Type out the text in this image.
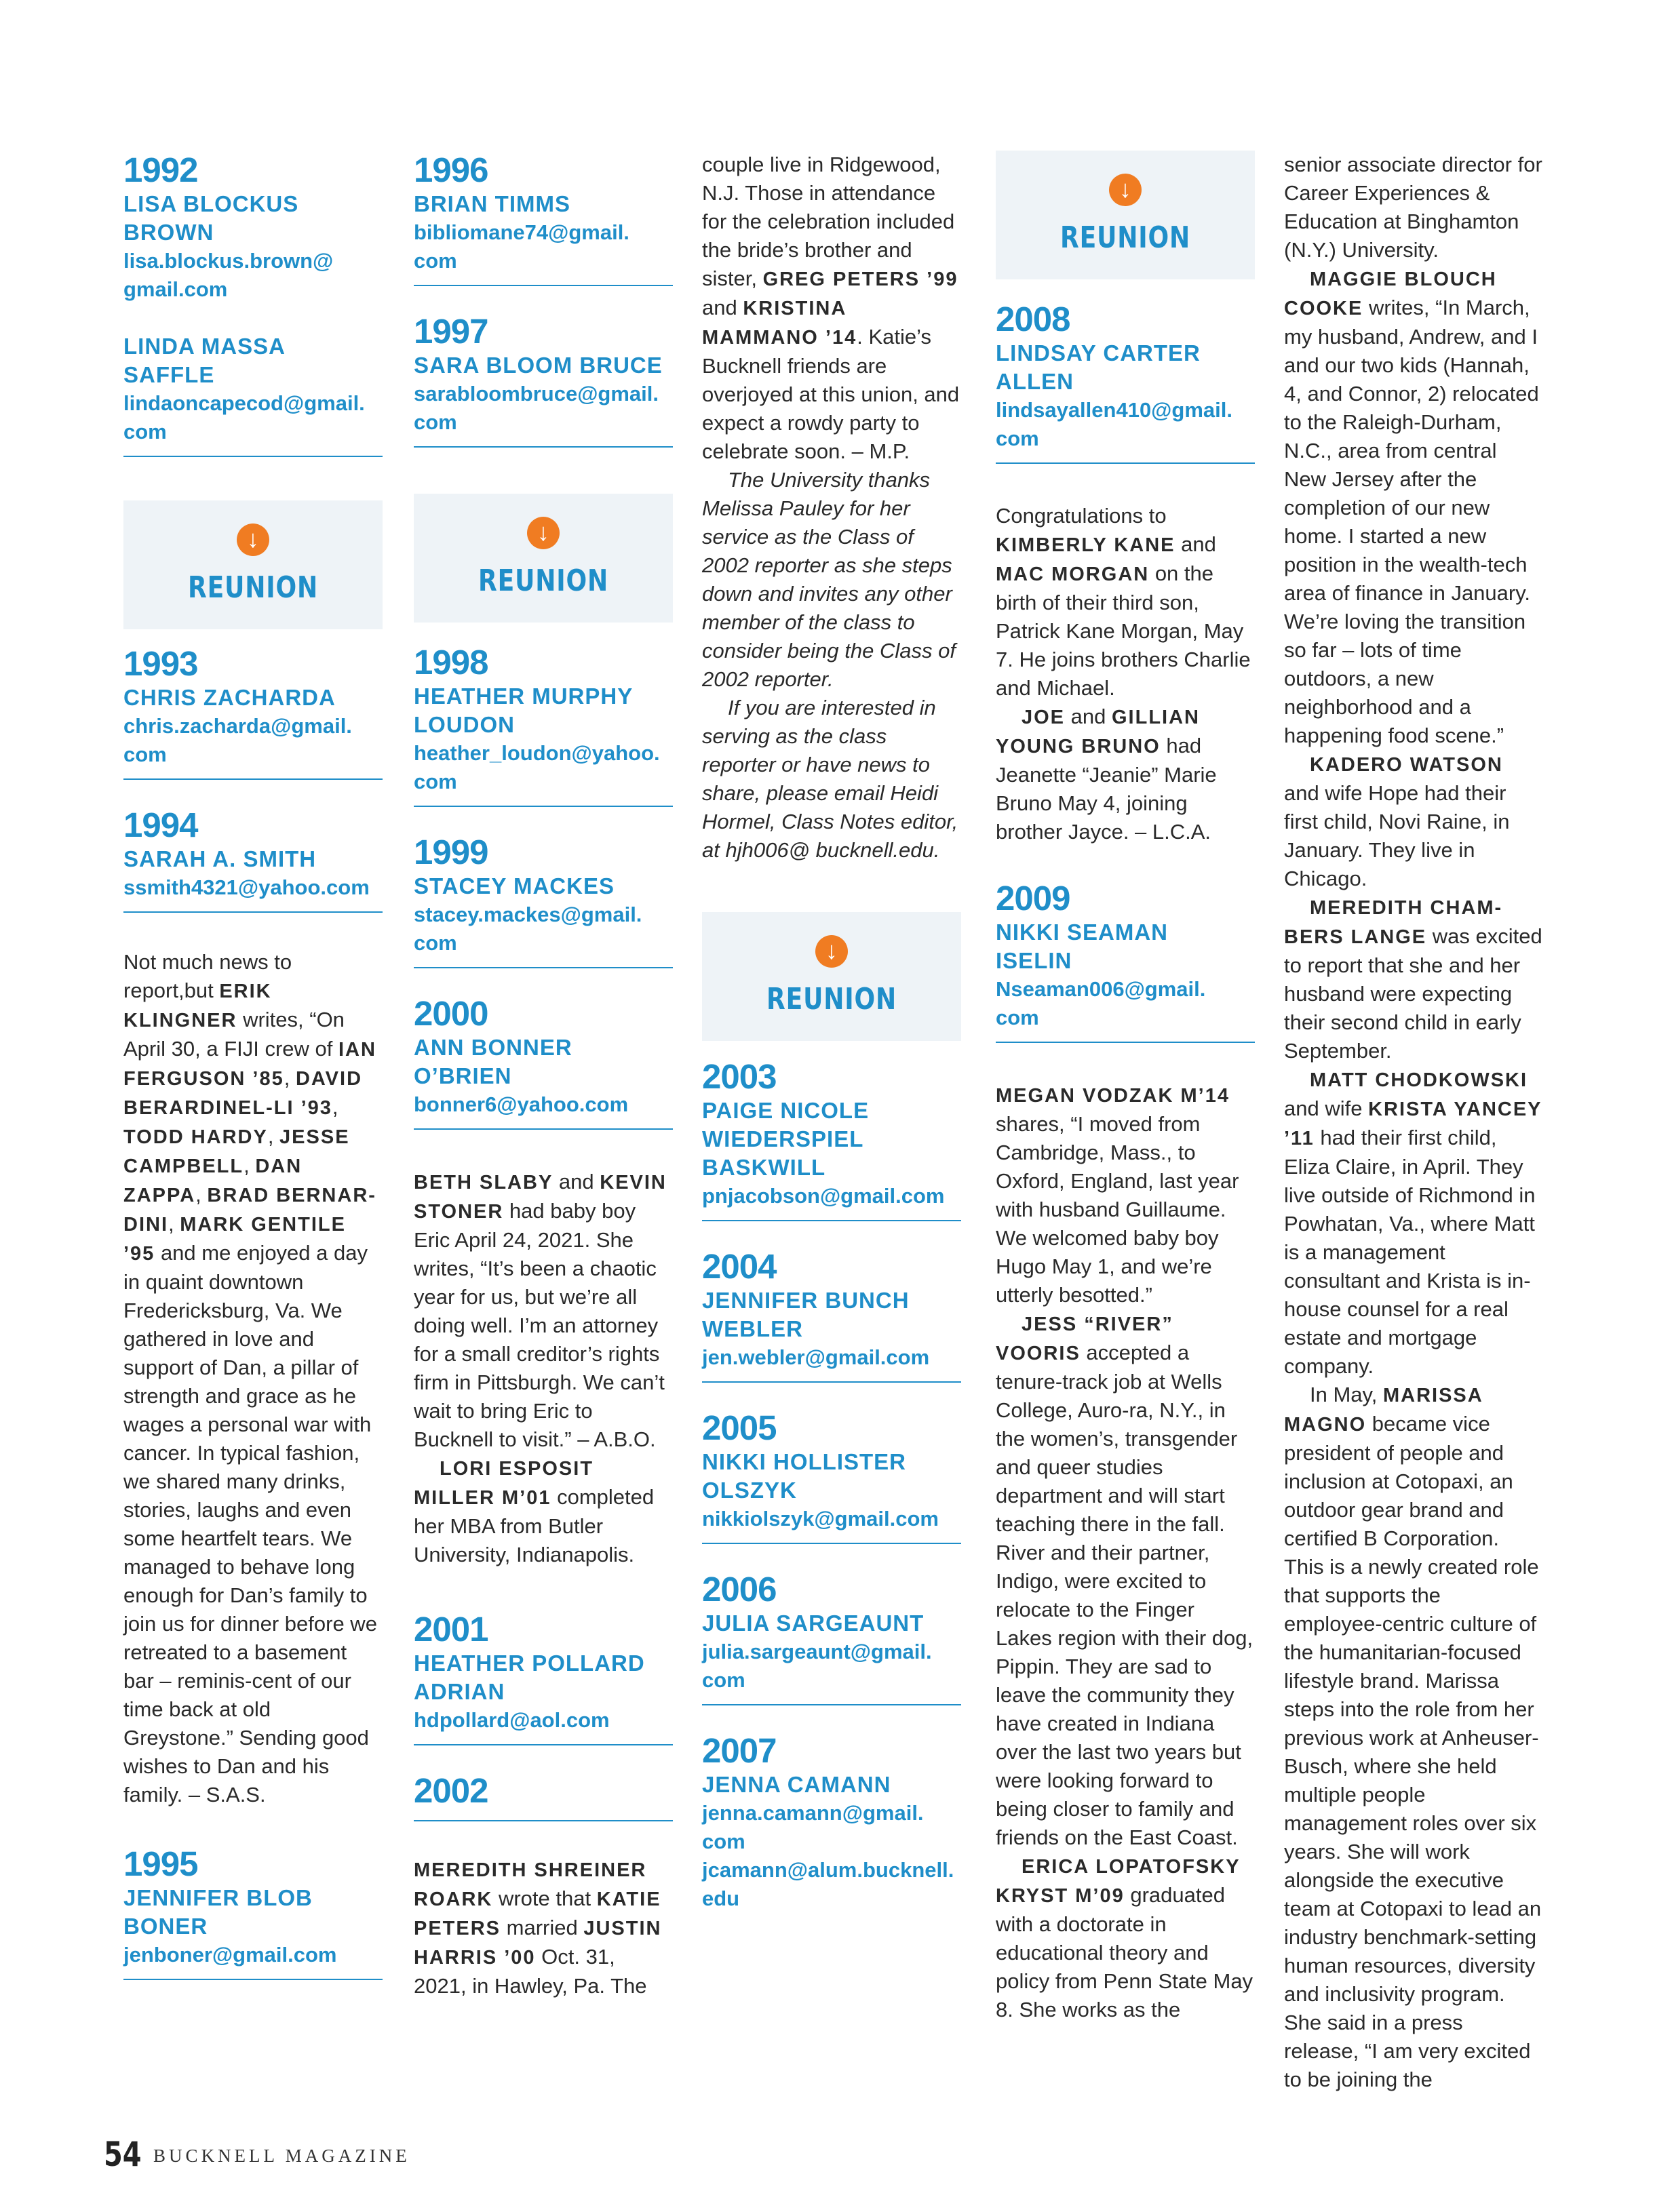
1992
LISA BLOCKUS
BROWN
lisa.blockus.brown@
gmail.com
LINDA MASSA SAFFLE
lindaoncapecod@gmail.
com
↓
REUNION
1993
CHRIS ZACHARDA
chris.zacharda@gmail.
com
1994
SARAH A. SMITH
ssmith4321@yahoo.com

Not much news to report,but ERIK KLINGNER writes, “On April 30, a FIJI crew of IAN FERGUSON ’85, DAVID BERARDINEL-LI ’93, TODD HARDY, JESSE CAMPBELL, DAN ZAPPA, BRAD BERNAR-DINI, MARK GENTILE ’95 and me enjoyed a day in quaint downtown Fredericksburg, Va. We gathered in love and support of Dan, a pillar of strength and grace as he wages a personal war with cancer. In typical fashion, we shared many drinks, stories, laughs and even some heartfelt tears. We managed to behave long enough for Dan’s family to join us for dinner before we retreated to a basement bar – reminis-cent of our time back at old Greystone.” Sending good wishes to Dan and his family. – S.A.S.

1995
JENNIFER BLOB
BONER
jenboner@gmail.com
1996
BRIAN TIMMS
bibliomane74@gmail.
com
1997
SARA BLOOM BRUCE
sarabloombruce@gmail.
com
↓
REUNION
1998
HEATHER MURPHY
LOUDON
heather_loudon@yahoo.
com
1999
STACEY MACKES
stacey.mackes@gmail.
com
2000
ANN BONNER
O’BRIEN
bonner6@yahoo.com

BETH SLABY and KEVIN STONER had baby boy Eric April 24, 2021. She writes, “It’s been a chaotic year for us, but we’re all doing well. I’m an attorney for a small creditor’s rights firm in Pittsburgh. We can’t wait to bring Eric to Bucknell to visit.” – A.B.O.

LORI ESPOSIT MILLER M’01 completed her MBA from Butler University, Indianapolis.

2001
HEATHER POLLARD
ADRIAN
hdpollard@aol.com
2002

MEREDITH SHREINER ROARK wrote that KATIE PETERS married JUSTIN HARRIS ’00 Oct. 31, 2021, in Hawley, Pa. The

couple live in Ridgewood, N.J. Those in attendance for the celebration included the bride’s brother and sister, GREG PETERS ’99 and KRISTINA MAMMANO ’14. Katie’s Bucknell friends are overjoyed at this union, and expect a rowdy party to celebrate soon. – M.P.

The University thanks Melissa Pauley for her service as the Class of 2002 reporter as she steps down and invites any other member of the class to consider being the Class of 2002 reporter.

If you are interested in serving as the class reporter or have news to share, please email Heidi Hormel, Class Notes editor, at hjh006@ bucknell.edu.

↓
REUNION
2003
PAIGE NICOLE
WIEDERSPIEL
BASKWILL
pnjacobson@gmail.com
2004
JENNIFER BUNCH
WEBLER
jen.webler@gmail.com
2005
NIKKI HOLLISTER
OLSZYK
nikkiolszyk@gmail.com
2006
JULIA SARGEAUNT
julia.sargeaunt@gmail.
com
2007
JENNA CAMANN
jenna.camann@gmail.
com
jcamann@alum.bucknell.
edu
↓
REUNION
2008
LINDSAY CARTER
ALLEN
lindsayallen410@gmail.
com

Congratulations to KIMBERLY KANE and MAC MORGAN on the birth of their third son, Patrick Kane Morgan, May 7. He joins brothers Charlie and Michael.

JOE and GILLIAN YOUNG BRUNO had Jeanette “Jeanie” Marie Bruno May 4, joining brother Jayce. – L.C.A.

2009
NIKKI SEAMAN
ISELIN
Nseaman006@gmail.
com

MEGAN VODZAK M’14 shares, “I moved from Cambridge, Mass., to Oxford, England, last year with husband Guillaume. We welcomed baby boy Hugo May 1, and we’re utterly besotted.”

JESS “RIVER” VOORIS accepted a tenure-track job at Wells College, Auro-ra, N.Y., in the women’s, transgender and queer studies department and will start teaching there in the fall. River and their partner, Indigo, were excited to relocate to the Finger Lakes region with their dog, Pippin. They are sad to leave the community they have created in Indiana over the last two years but were looking forward to being closer to family and friends on the East Coast.

ERICA LOPATOFSKY KRYST M’09 graduated with a doctorate in educational theory and policy from Penn State May 8. She works as the

senior associate director for Career Experiences & Education at Binghamton (N.Y.) University.

MAGGIE BLOUCH COOKE writes, “In March, my husband, Andrew, and I and our two kids (Hannah, 4, and Connor, 2) relocated to the Raleigh-Durham, N.C., area from central New Jersey after the completion of our new home. I started a new position in the wealth-tech area of finance in January. We’re loving the transition so far – lots of time outdoors, a new neighborhood and a happening food scene.”

KADERO WATSON and wife Hope had their first child, Novi Raine, in January. They live in Chicago.

MEREDITH CHAM-BERS LANGE was excited to report that she and her husband were expecting their second child in early September.

MATT CHODKOWSKI and wife KRISTA YANCEY ’11 had their first child, Eliza Claire, in April. They live outside of Richmond in Powhatan, Va., where Matt is a management consultant and Krista is in-house counsel for a real estate and mortgage company.

In May, MARISSA MAGNO became vice president of people and inclusion at Cotopaxi, an outdoor gear brand and certified B Corporation. This is a newly created role that supports the employee-centric culture of the humanitarian-focused lifestyle brand. Marissa steps into the role from her previous work at Anheuser-Busch, where she held multiple people management roles over six years. She will work alongside the executive team at Cotopaxi to lead an industry benchmark-setting human resources, diversity and inclusivity program. She said in a press release, “I am very excited to be joining the

54 BUCKNELL MAGAZINE
